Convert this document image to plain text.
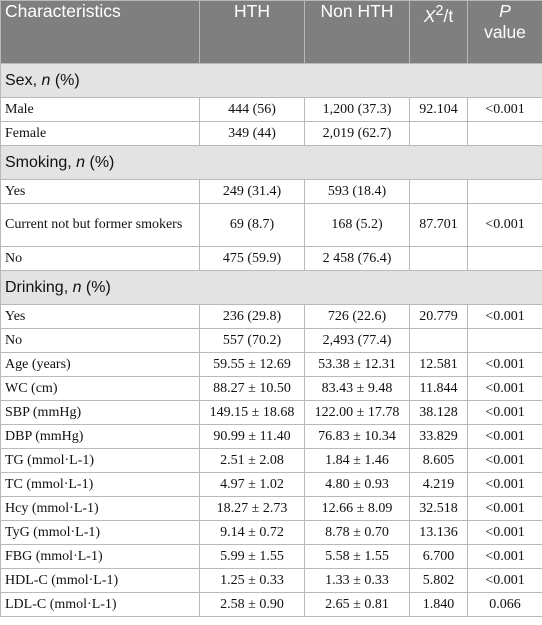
Characteristics	HTH	Non HTH	$X^2/t$	P
value
Sex, n (%)				
Male	444 (56)	1,200 (37.3)	92.104	<0.001
Female	349 (44)	2,019 (62.7)		
Smoking, n (%)				
Yes	249 (31.4)	593 (18.4)		
Current not but former smokers	69 (8.7)	168 (5.2)	87.701	<0.001
No	475 (59.9)	2 458 (76.4)		
Drinking, n (%)				
Yes	236 (29.8)	726 (22.6)	20.779	<0.001
No	557 (70.2)	2,493 (77.4)		
Age (years)	59.55 ± 12.69	53.38 ± 12.31	12.581	<0.001
WC (cm)	88.27 ± 10.50	83.43 ± 9.48	11.844	<0.001
SBP (mmHg)	149.15 ± 18.68	122.00 ± 17.78	38.128	<0.001
DBP (mmHg)	90.99 ± 11.40	76.83 ± 10.34	33.829	<0.001
TG (mmol·L-1)	2.51 ± 2.08	1.84 ± 1.46	8.605	<0.001
TC (mmol·L-1)	4.97 ± 1.02	4.80 ± 0.93	4.219	<0.001
Hcy (mmol·L-1)	18.27 ± 2.73	12.66 ± 8.09	32.518	<0.001
TyG (mmol·L-1)	9.14 ± 0.72	8.78 ± 0.70	13.136	<0.001
FBG (mmol·L-1)	5.99 ± 1.55	5.58 ± 1.55	6.700	<0.001
HDL-C (mmol·L-1)	1.25 ± 0.33	1.33 ± 0.33	5.802	<0.001
LDL-C (mmol·L-1)	2.58 ± 0.90	2.65 ± 0.81	1.840	0.066
